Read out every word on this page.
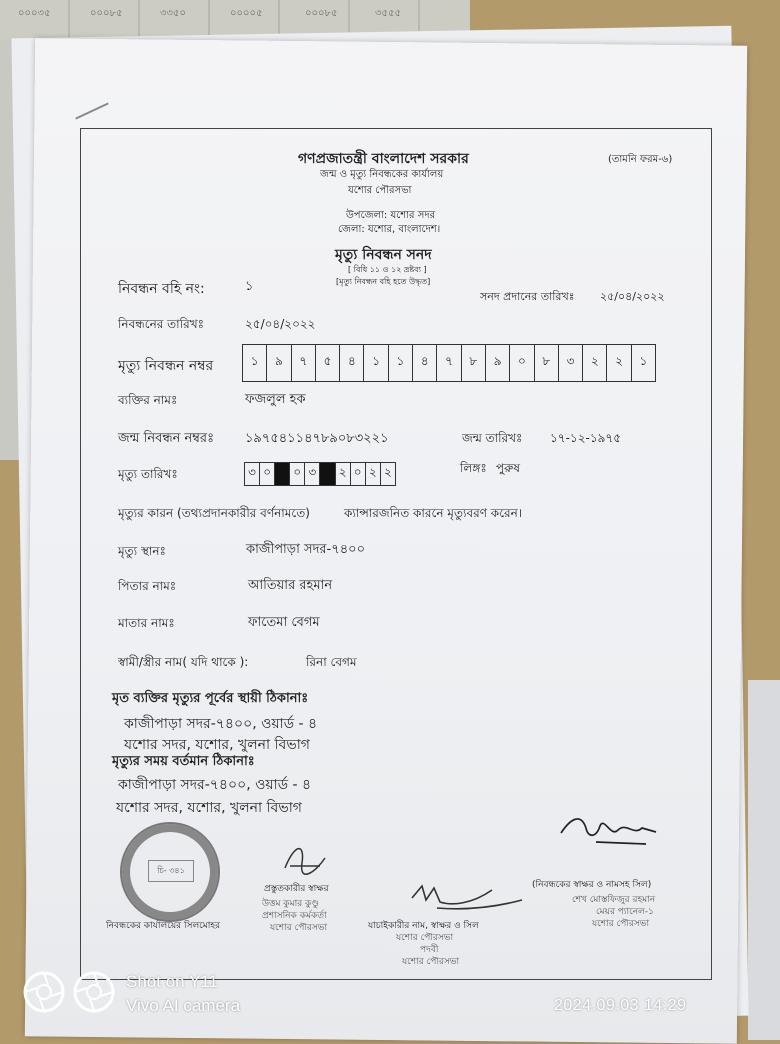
০০০৩৫	০০০৮৫	৩৩৫০	০০০০৫	০০০৮৫	৩৫৫৫
গণপ্রজাতন্ত্রী বাংলাদেশ সরকার	(তামনি ফরম-৬)
জন্ম ও মৃত্যু নিবন্ধকের কার্যালয়
যশোর পৌরসভা
উপজেলা: যশোর সদর
জেলা: যশোর, বাংলাদেশ।
মৃত্যু নিবন্ধন সনদ
[ বিধি ১১ ও ১২ দ্রষ্টব্য ]
[মৃত্যু নিবন্ধন বহি হতে উদ্ধৃত]
নিবন্ধন বহি নং:	১
সনদ প্রদানের তারিখঃ ২৫/০৪/২০২২
নিবন্ধনের তারিখঃ	২৫/০৪/২০২২
মৃত্যু নিবন্ধন নম্বর	১	৯	৭	৫	৪	১	১	৪	৭	৮	৯	০	৮	৩	২	২	১
ব্যক্তির নামঃ	ফজলুল হক
জন্ম নিবন্ধন নম্বরঃ ১৯৭৫৪১১৪৭৮৯০৮৩২২১	জন্ম তারিখঃ ১৭-১২-১৯৭৫
মৃত্যু তারিখঃ	৩ ০	০ ৩	২ ০ ২ ২	লিঙ্গঃ পুরুষ
মৃত্যুর কারন (তথ্যপ্রদানকারীর বর্ণনামতে)	ক্যান্সারজনিত কারনে মৃত্যুবরণ করেন।
মৃত্যু স্থানঃ	কাজীপাড়া সদর-৭৪০০
পিতার নামঃ	আতিয়ার রহমান
মাতার নামঃ	ফাতেমা বেগম
স্বামী/স্ত্রীর নাম( যদি থাকে ):	রিনা বেগম
মৃত ব্যক্তির মৃত্যুর পূর্বের স্থায়ী ঠিকানাঃ
কাজীপাড়া সদর-৭৪০০, ওয়ার্ড - ৪
যশোর সদর, যশোর, খুলনা বিভাগ
মৃত্যুর সময় বর্তমান ঠিকানাঃ
কাজীপাড়া সদর-৭৪০০, ওয়ার্ড - ৪
যশোর সদর, যশোর, খুলনা বিভাগ
চি- ৩৪১
নিবন্ধকের কার্যালয়ের সিলমোহর
প্রস্তুতকারীর স্বাক্ষর
উত্তম কুমার কুণ্ডু
প্রশাসনিক কর্মকর্তা
যশোর পৌরসভা	যাচাইকারীর নাম, স্বাক্ষর ও সিল
যশোর পৌরসভা
পদবী
যশোর পৌরসভা
(নিবন্ধকের স্বাক্ষর ও নামসহ সিল)
শেখ মোস্তফিজুর রহমান
মেয়র প্যানেল-১
যশোর পৌরসভা
Shot on Y11
Vivo AI camera	2024.09.03 14:29
